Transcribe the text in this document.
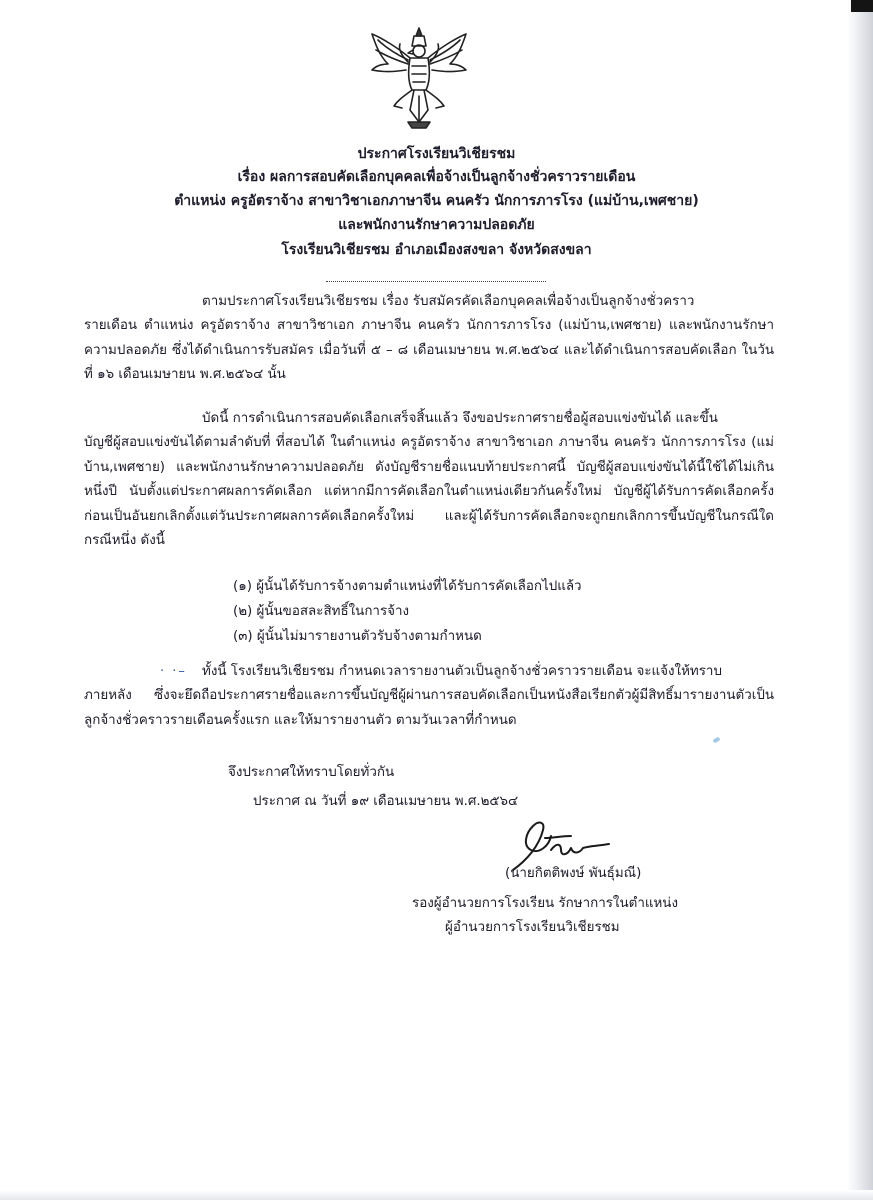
ประกาศโรงเรียนวิเชียรชม
เรื่อง ผลการสอบคัดเลือกบุคคลเพื่อจ้างเป็นลูกจ้างชั่วคราวรายเดือน
ตำแหน่ง ครูอัตราจ้าง สาขาวิชาเอกภาษาจีน คนครัว นักการภารโรง (แม่บ้าน,เพศชาย)
และพนักงานรักษาความปลอดภัย
โรงเรียนวิเชียรชม อำเภอเมืองสงขลา จังหวัดสงขลา
ตามประกาศโรงเรียนวิเชียรชม เรื่อง รับสมัครคัดเลือกบุคคลเพื่อจ้างเป็นลูกจ้างชั่วคราว
รายเดือน ตำแหน่ง ครูอัตราจ้าง สาขาวิชาเอก ภาษาจีน คนครัว นักการภารโรง (แม่บ้าน,เพศชาย) และพนักงานรักษาความปลอดภัย ซึ่งได้ดำเนินการรับสมัคร เมื่อวันที่ ๕ – ๘ เดือนเมษายน พ.ศ.๒๕๖๔ และได้ดำเนินการสอบคัดเลือก ในวันที่ ๑๖ เดือนเมษายน พ.ศ.๒๕๖๔ นั้น
บัดนี้ การดำเนินการสอบคัดเลือกเสร็จสิ้นแล้ว จึงขอประกาศรายชื่อผู้สอบแข่งขันได้ และขึ้น
บัญชีผู้สอบแข่งขันได้ตามลำดับที่ ที่สอบได้ ในตำแหน่ง ครูอัตราจ้าง สาขาวิชาเอก ภาษาจีน คนครัว นักการภารโรง (แม่บ้าน,เพศชาย) และพนักงานรักษาความปลอดภัย ดังบัญชีรายชื่อแนบท้ายประกาศนี้ บัญชีผู้สอบแข่งขันได้นี้ใช้ได้ไม่เกินหนึ่งปี นับตั้งแต่ประกาศผลการคัดเลือก แต่หากมีการคัดเลือกในตำแหน่งเดียวกันครั้งใหม่ บัญชีผู้ได้รับการคัดเลือกครั้งก่อนเป็นอันยกเลิกตั้งแต่วันประกาศผลการคัดเลือกครั้งใหม่ และผู้ได้รับการคัดเลือกจะถูกยกเลิกการขึ้นบัญชีในกรณีใดกรณีหนึ่ง ดังนี้
(๑) ผู้นั้นได้รับการจ้างตามตำแหน่งที่ได้รับการคัดเลือกไปแล้ว
(๒) ผู้นั้นขอสละสิทธิ์ในการจ้าง
(๓) ผู้นั้นไม่มารายงานตัวรับจ้างตามกำหนด
· ·– ทั้งนี้ โรงเรียนวิเชียรชม กำหนดเวลารายงานตัวเป็นลูกจ้างชั่วคราวรายเดือน จะแจ้งให้ทราบ
ภายหลัง ซึ่งจะยึดถือประกาศรายชื่อและการขึ้นบัญชีผู้ผ่านการสอบคัดเลือกเป็นหนังสือเรียกตัวผู้มีสิทธิ์มารายงานตัวเป็นลูกจ้างชั่วคราวรายเดือนครั้งแรก และให้มารายงานตัว ตามวันเวลาที่กำหนด
จึงประกาศให้ทราบโดยทั่วกัน
ประกาศ ณ วันที่ ๑๙ เดือนเมษายน พ.ศ.๒๕๖๔
(นายกิตติพงษ์ พันธุ์มณี)
รองผู้อำนวยการโรงเรียน รักษาการในตำแหน่ง
ผู้อำนวยการโรงเรียนวิเชียรชม
